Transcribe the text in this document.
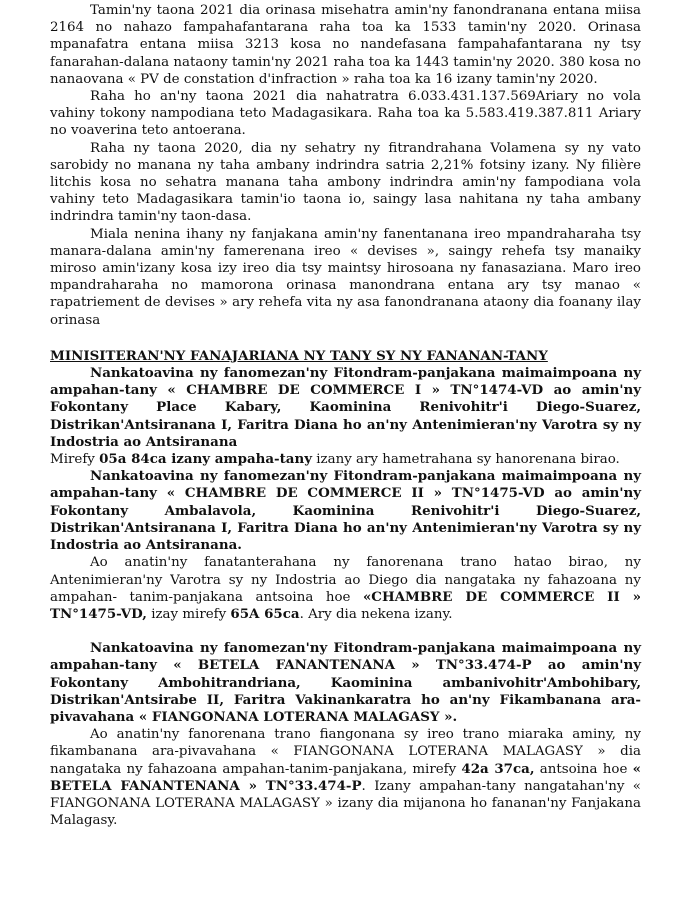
Tamin'ny taona 2021 dia orinasa misehatra amin'ny fanondranana entana miisa 2164 no nahazo fampahafantarana raha toa ka 1533 tamin'ny 2020. Orinasa mpanafatra entana miisa 3213 kosa no nandefasana fampahafantarana ny tsy fanarahan-dalana nataony tamin'ny 2021 raha toa ka 1443 tamin'ny 2020. 380 kosa no nanaovana « PV de constation d'infraction » raha toa ka 16 izany tamin'ny 2020.

Raha ho an'ny taona 2021 dia nahatratra 6.033.431.137.569Ariary no vola vahiny tokony nampodiana teto Madagasikara. Raha toa ka 5.583.419.387.811 Ariary no voaverina teto antoerana.

Raha ny taona 2020, dia ny sehatry ny fitrandrahana Volamena sy ny vato sarobidy no manana ny taha ambany indrindra satria 2,21% fotsiny izany. Ny filière litchis kosa no sehatra manana taha ambony indrindra amin'ny fampodiana vola vahiny teto Madagasikara tamin'io taona io, saingy lasa nahitana ny taha ambany indrindra tamin'ny taon-dasa.

Miala nenina ihany ny fanjakana amin'ny fanentanana ireo mpandraharaha tsy manara-dalana amin'ny famerenana ireo « devises », saingy rehefa tsy manaiky miroso amin'izany kosa izy ireo dia tsy maintsy hirosoana ny fanasaziana. Maro ireo mpandraharaha no mamorona orinasa manondrana entana ary tsy manao « rapatriement de devises » ary rehefa vita ny asa fanondranana ataony dia foanany ilay orinasa

MINISITERAN'NY FANAJARIANA NY TANY SY NY FANANAN-TANY

Nankatoavina ny fanomezan'ny Fitondram-panjakana maimaimpoana ny ampahan-tany « CHAMBRE DE COMMERCE I » TN°1474-VD ao amin'ny Fokontany Place Kabary, Kaominina Renivohitr'i Diego-Suarez, Distrikan'Antsiranana I, Faritra Diana ho an'ny Antenimieran'ny Varotra sy ny Indostria ao Antsiranana

Mirefy 05a 84ca izany ampaha-tany izany ary hametrahana sy hanorenana birao.

Nankatoavina ny fanomezan'ny Fitondram-panjakana maimaimpoana ny ampahan-tany « CHAMBRE DE COMMERCE II » TN°1475-VD ao amin'ny Fokontany Ambalavola, Kaominina Renivohitr'i Diego-Suarez, Distrikan'Antsiranana I, Faritra Diana ho an'ny Antenimieran'ny Varotra sy ny Indostria ao Antsiranana.

Ao anatin'ny fanatanterahana ny fanorenana trano hatao birao, ny Antenimieran'ny Varotra sy ny Indostria ao Diego dia nangataka ny fahazoana ny ampahan- tanim-panjakana antsoina hoe «CHAMBRE DE COMMERCE II » TN°1475-VD, izay mirefy 65A 65ca. Ary dia nekena izany.

Nankatoavina ny fanomezan'ny Fitondram-panjakana maimaimpoana ny ampahan-tany « BETELA FANANTENANA » TN°33.474-P ao amin'ny Fokontany Ambohitrandriana, Kaominina ambanivohitr'Ambohibary, Distrikan'Antsirabe II, Faritra Vakinankaratra ho an'ny Fikambanana ara-pivavahana « FIANGONANA LOTERANA MALAGASY ».

Ao anatin'ny fanorenana trano fiangonana sy ireo trano miaraka aminy, ny fikambanana ara-pivavahana « FIANGONANA LOTERANA MALAGASY » dia nangataka ny fahazoana ampahan-tanim-panjakana, mirefy 42a 37ca, antsoina hoe « BETELA FANANTENANA » TN°33.474-P. Izany ampahan-tany nangatahan'ny « FIANGONANA LOTERANA MALAGASY » izany dia mijanona ho fananan'ny Fanjakana Malagasy.
